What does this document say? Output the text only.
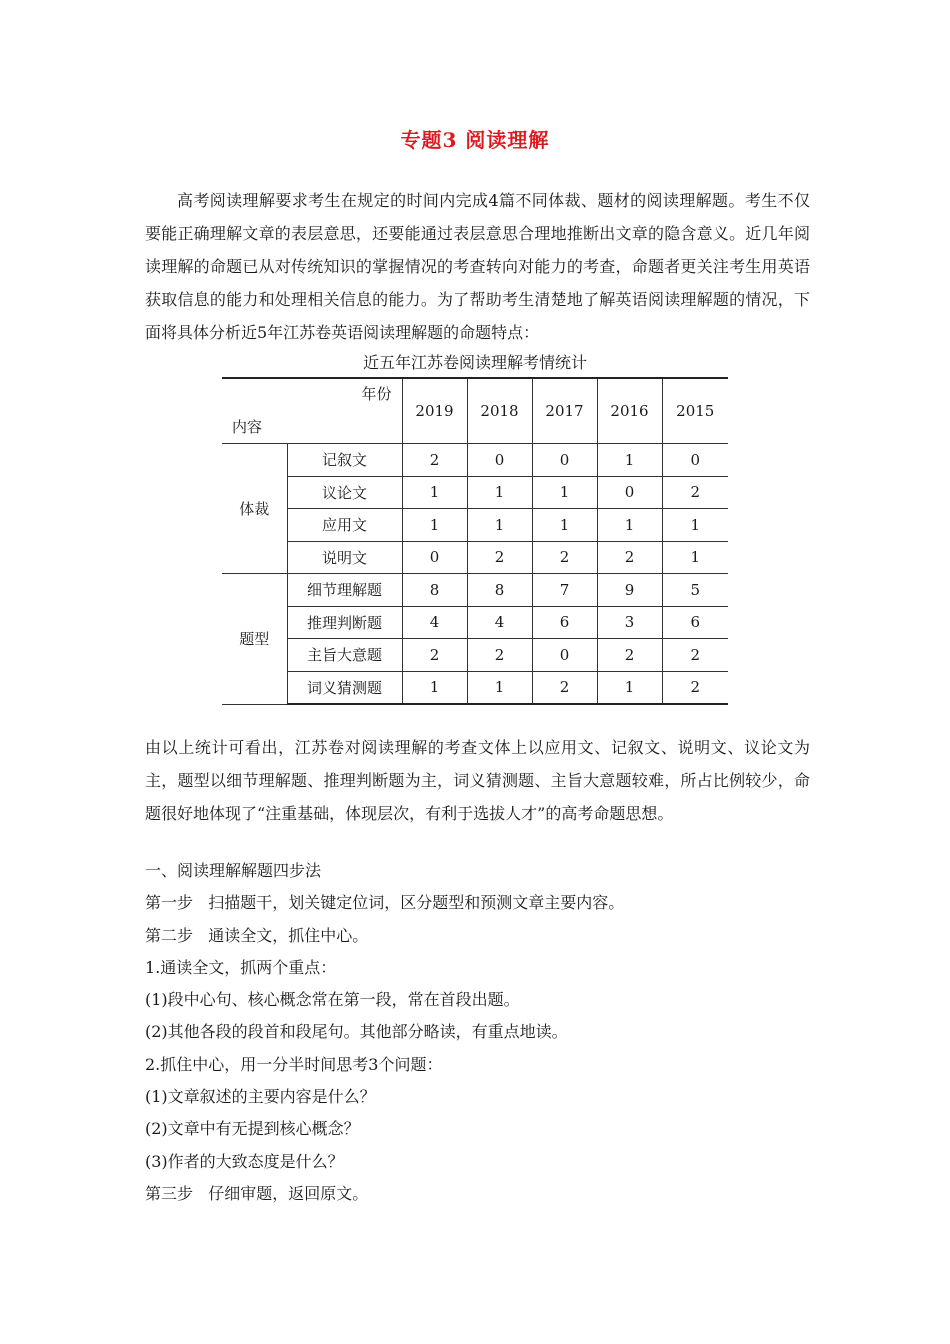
专题3 阅读理解

高考阅读理解要求考生在规定的时间内完成4篇不同体裁、题材的阅读理解题。考生不仅要能正确理解文章的表层意思，还要能通过表层意思合理地推断出文章的隐含意义。近几年阅读理解的命题已从对传统知识的掌握情况的考查转向对能力的考查，命题者更关注考生用英语获取信息的能力和处理相关信息的能力。为了帮助考生清楚地了解英语阅读理解题的情况，下面将具体分析近5年江苏卷英语阅读理解题的命题特点：

近五年江苏卷阅读理解考情统计
年份
内容		2019	2018	2017	2016	2015
体裁	记叙文	2	0	0	1	0
	议论文	1	1	1	0	2
	应用文	1	1	1	1	1
	说明文	0	2	2	2	1
题型	细节理解题	8	8	7	9	5
	推理判断题	4	4	6	3	6
	主旨大意题	2	2	0	2	2
	词义猜测题	1	1	2	1	2

由以上统计可看出，江苏卷对阅读理解的考查文体上以应用文、记叙文、说明文、议论文为主，题型以细节理解题、推理判断题为主，词义猜测题、主旨大意题较难，所占比例较少，命题很好地体现了“注重基础，体现层次，有利于选拔人才”的高考命题思想。

一、阅读理解解题四步法
第一步   扫描题干，划关键定位词，区分题型和预测文章主要内容。
第二步   通读全文，抓住中心。
1.通读全文，抓两个重点：
(1)段中心句、核心概念常在第一段，常在首段出题。
(2)其他各段的段首和段尾句。其他部分略读，有重点地读。
2.抓住中心，用一分半时间思考3个问题：
(1)文章叙述的主要内容是什么？
(2)文章中有无提到核心概念？
(3)作者的大致态度是什么？
第三步   仔细审题，返回原文。
